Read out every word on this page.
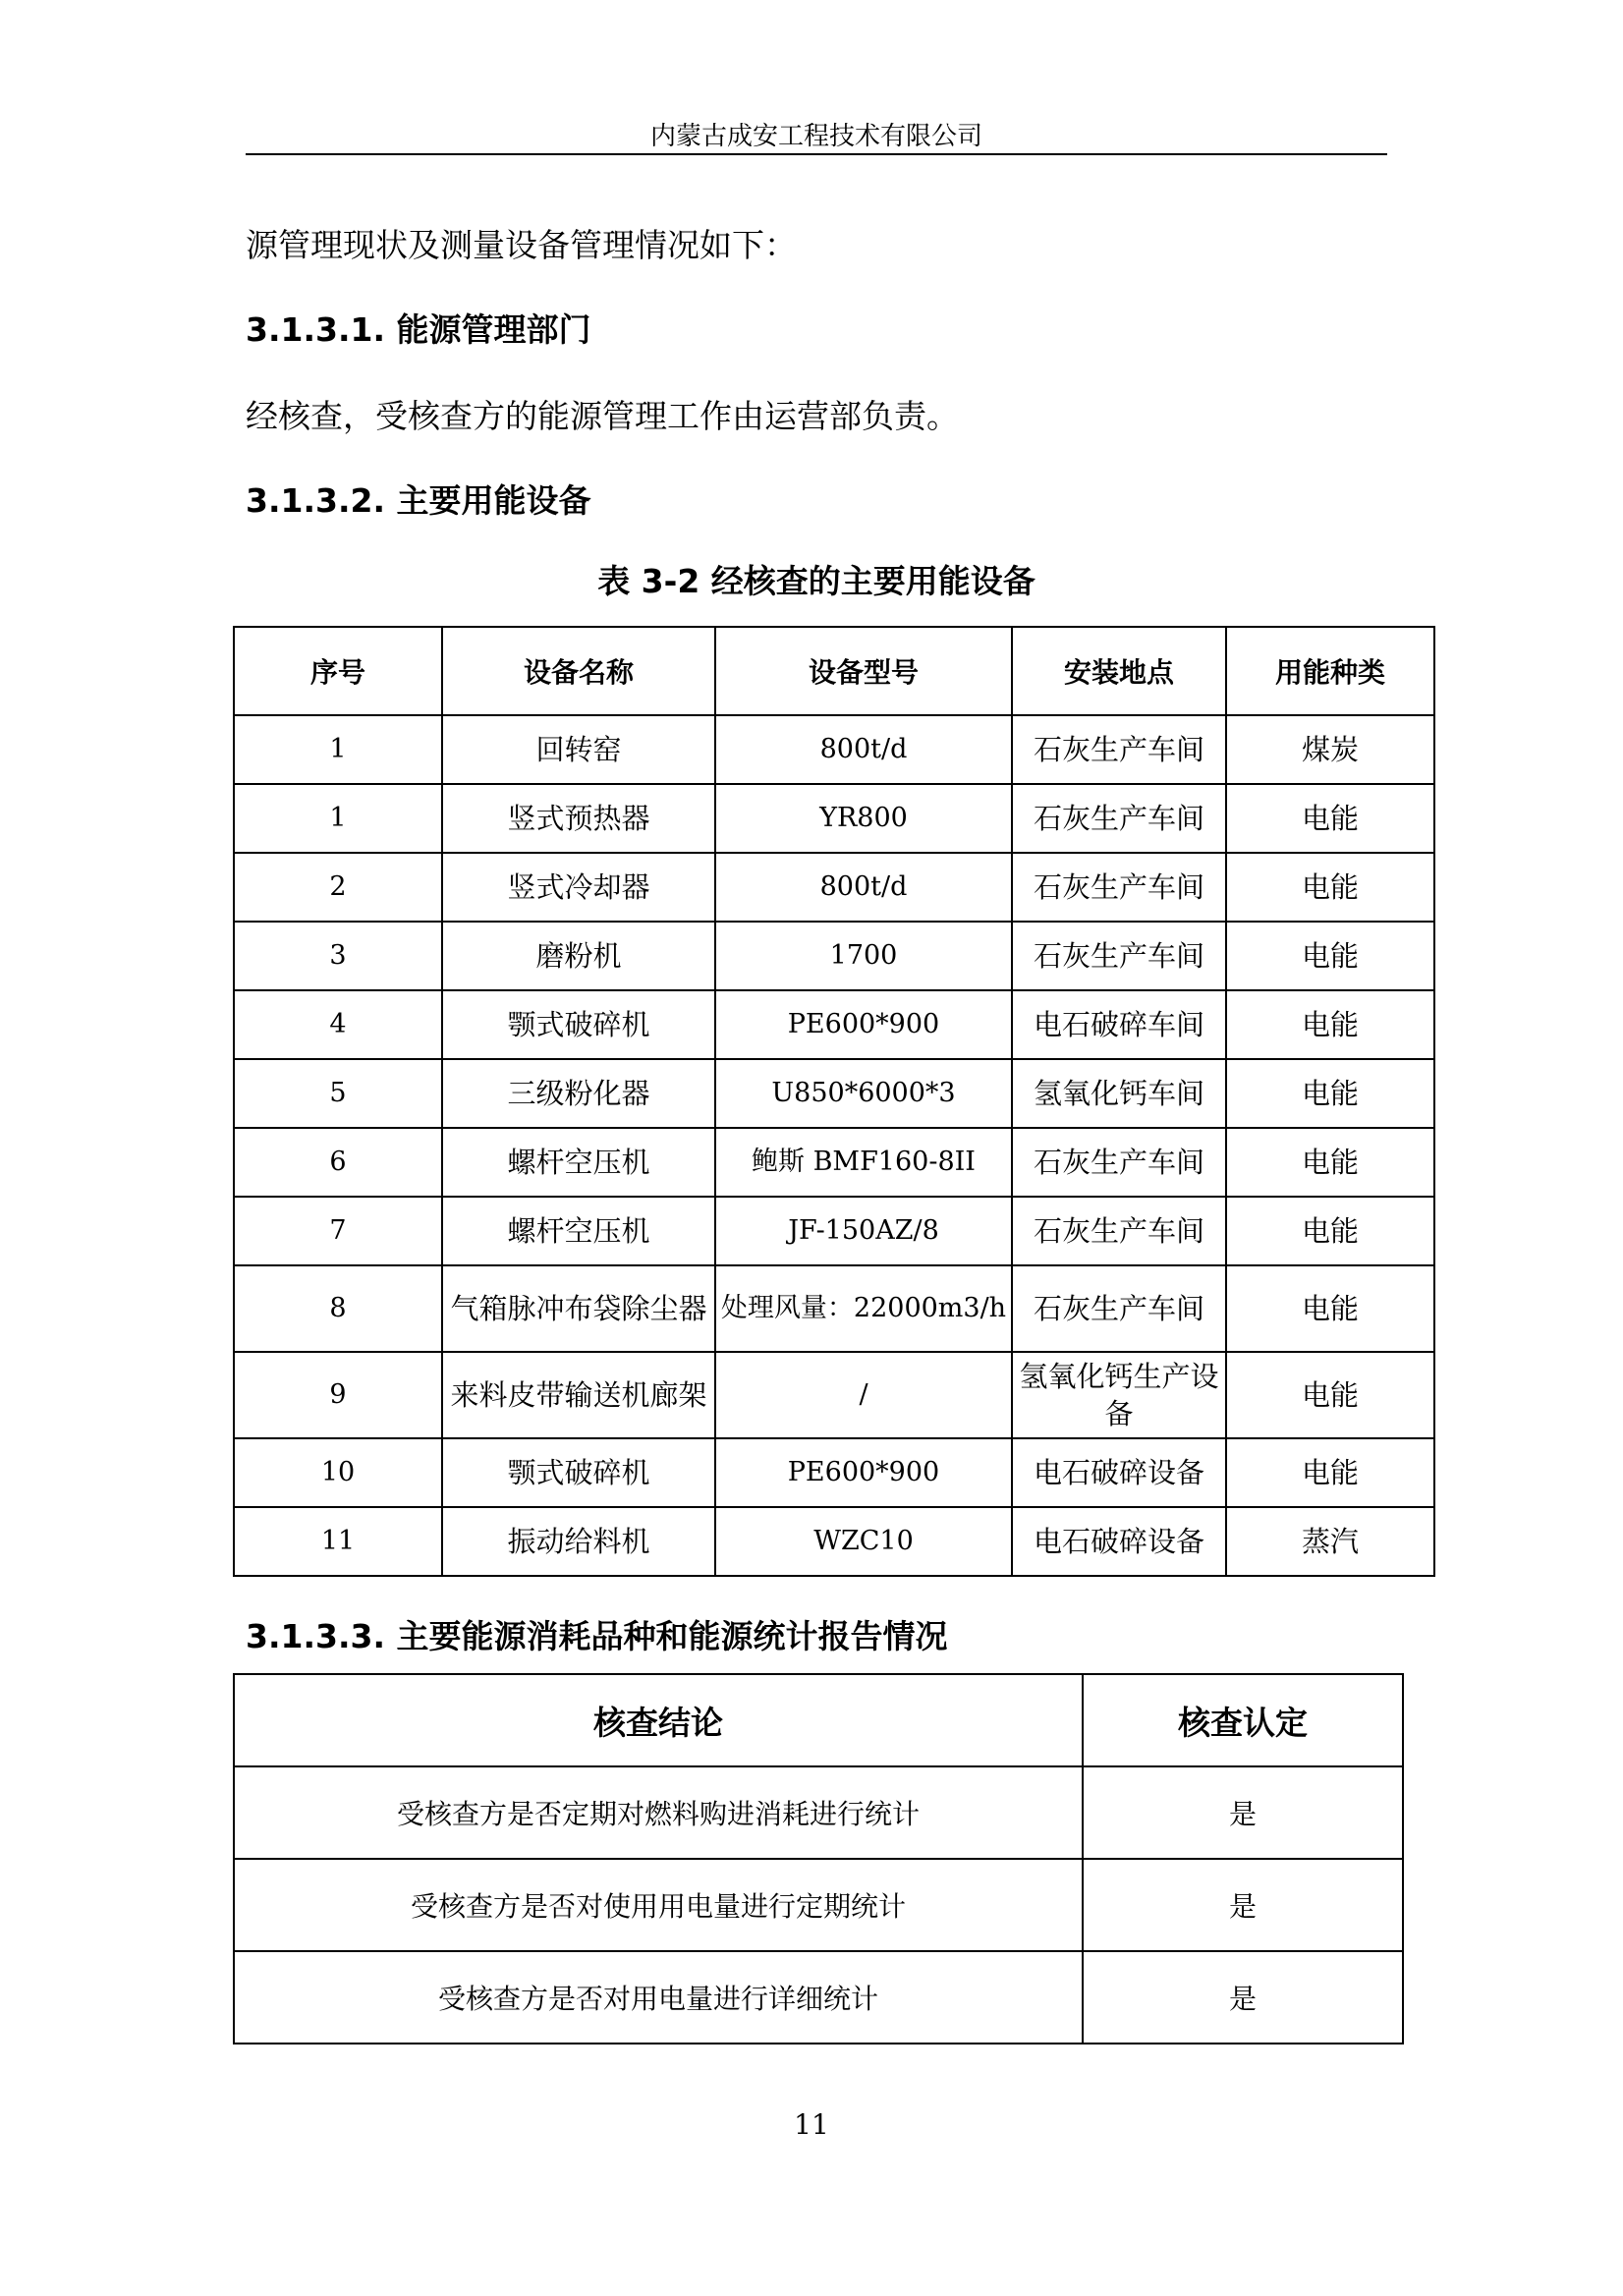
内蒙古成安工程技术有限公司
源管理现状及测量设备管理情况如下：
3.1.3.1. 能源管理部门
经核查，受核查方的能源管理工作由运营部负责。
3.1.3.2. 主要用能设备
表 3-2 经核查的主要用能设备
序号	设备名称	设备型号	安装地点	用能种类
1	回转窑	800t/d	石灰生产车间	煤炭
1	竖式预热器	YR800	石灰生产车间	电能
2	竖式冷却器	800t/d	石灰生产车间	电能
3	磨粉机	1700	石灰生产车间	电能
4	颚式破碎机	PE600*900	电石破碎车间	电能
5	三级粉化器	U850*6000*3	氢氧化钙车间	电能
6	螺杆空压机	鲍斯 BMF160-8II	石灰生产车间	电能
7	螺杆空压机	JF-150AZ/8	石灰生产车间	电能
8	气箱脉冲布袋除尘器	处理风量：22000m3/h	石灰生产车间	电能
9	来料皮带输送机廊架	/	氢氧化钙生产设备	电能
10	颚式破碎机	PE600*900	电石破碎设备	电能
11	振动给料机	WZC10	电石破碎设备	蒸汽
3.1.3.3. 主要能源消耗品种和能源统计报告情况
核查结论	核查认定
受核查方是否定期对燃料购进消耗进行统计	是
受核查方是否对使用用电量进行定期统计	是
受核查方是否对用电量进行详细统计	是
11
